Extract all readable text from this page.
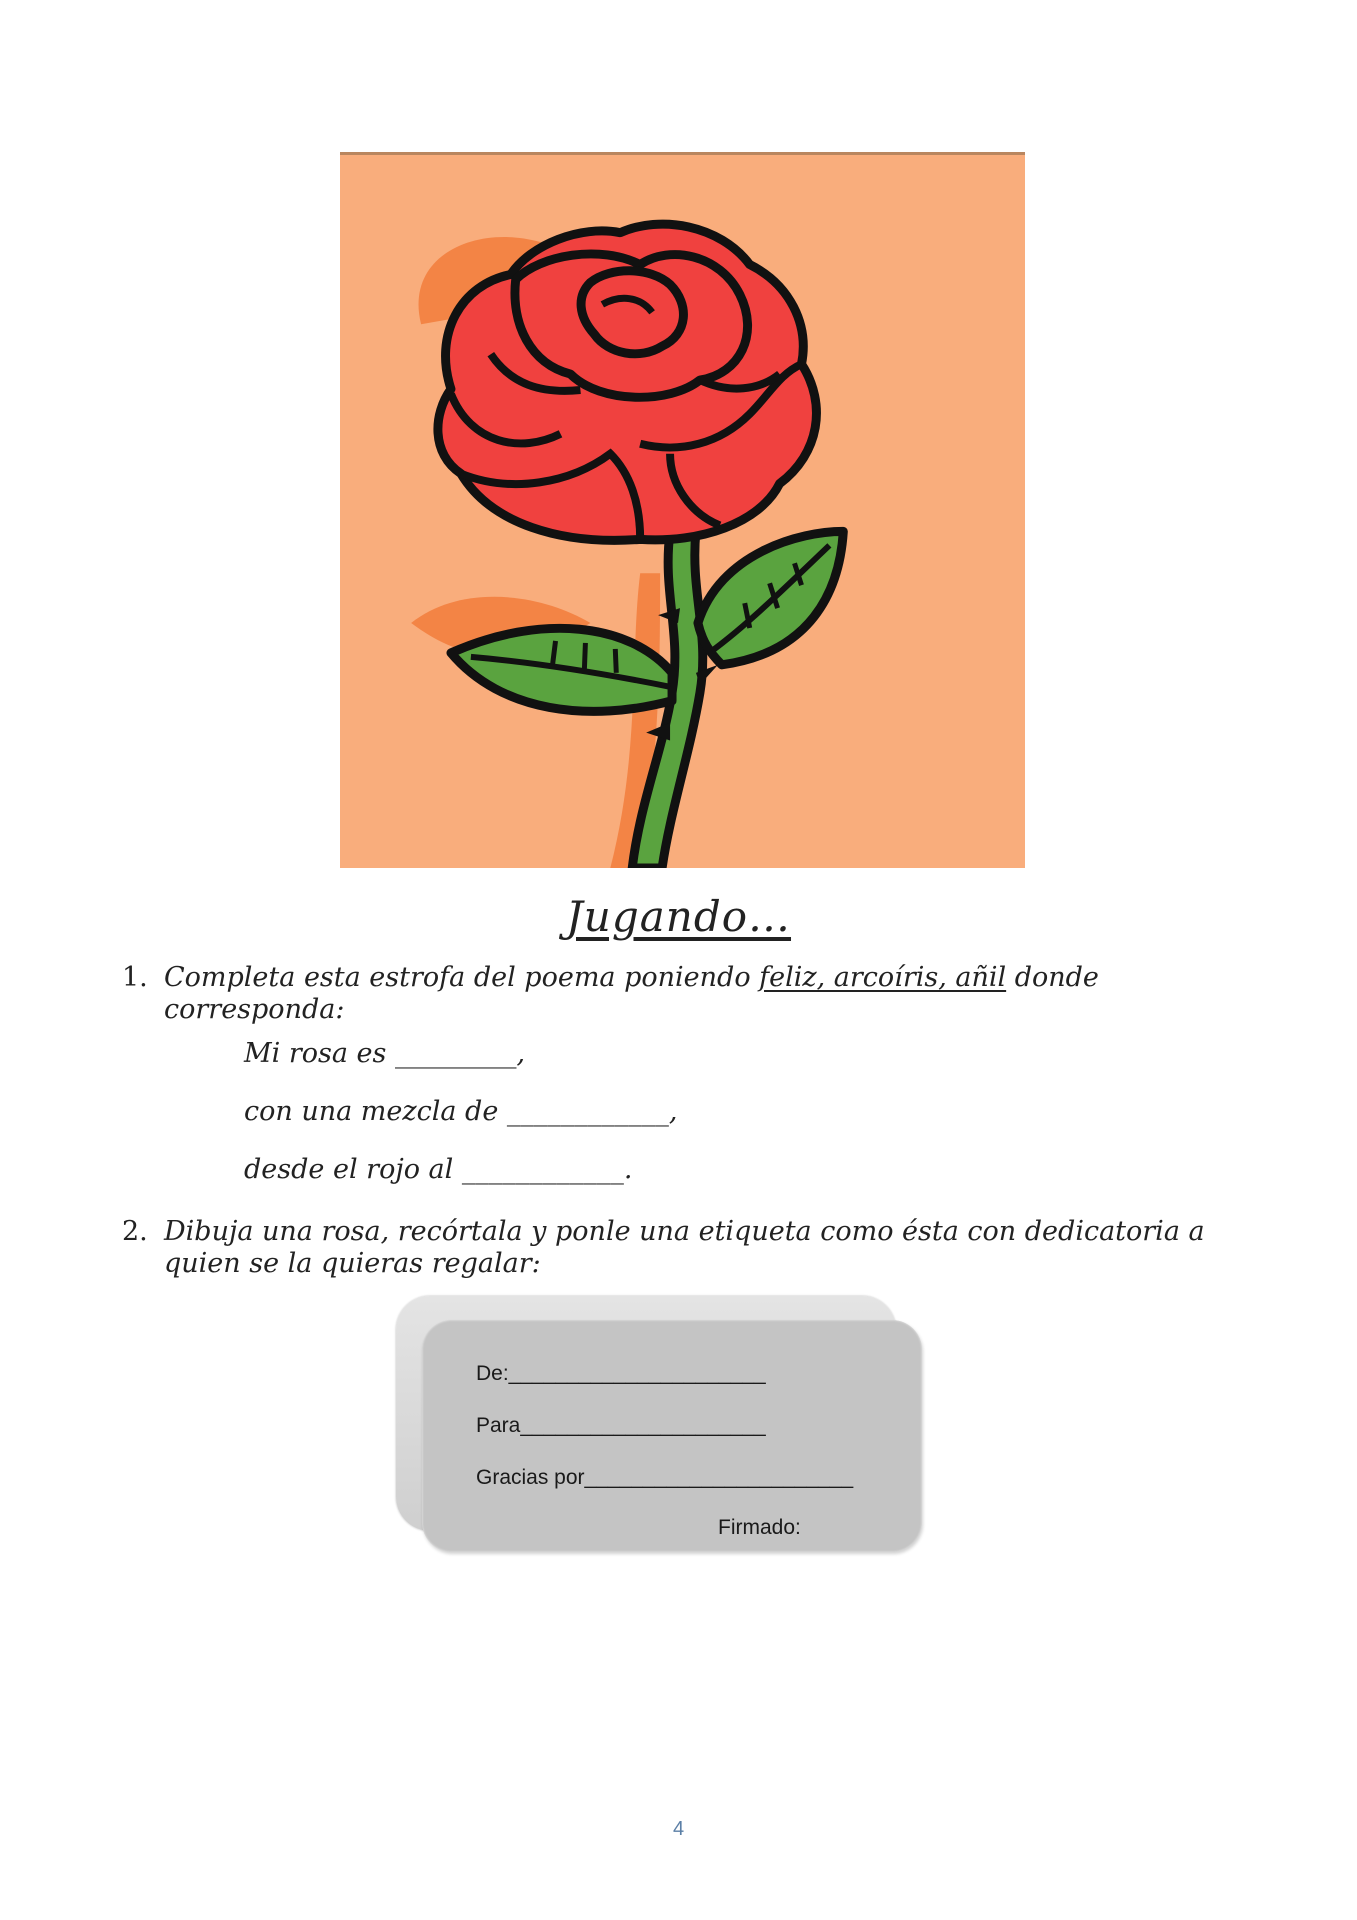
Jugando…
1. Completa esta estrofa del poema poniendo feliz, arcoíris, añil donde corresponda:
Mi rosa es _________,
con una mezcla de ____________,
desde el rojo al ____________.
2. Dibuja una rosa, recórtala y ponle una etiqueta como ésta con dedicatoria a quien se la quieras regalar:
De:______________________
Para_____________________
Gracias por_______________________
Firmado:
4
